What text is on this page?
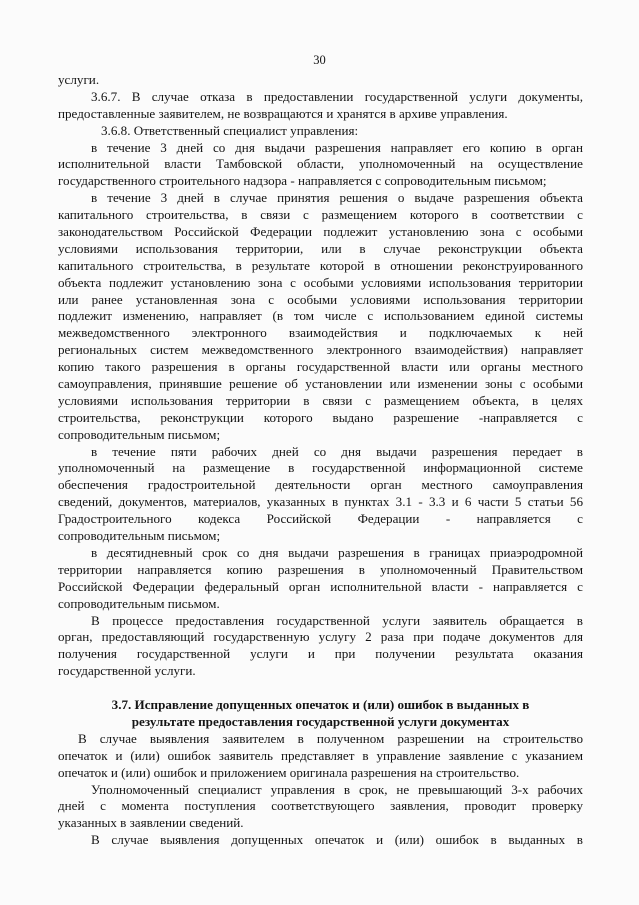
30
услуги.
3.6.7. В случае отказа в предоставлении государственной услуги документы,
предоставленные заявителем, не возвращаются и хранятся в архиве управления.
3.6.8. Ответственный специалист управления:
в течение 3 дней со дня выдачи разрешения направляет его копию в орган
исполнительной власти Тамбовской области, уполномоченный на осуществление
государственного строительного надзора - направляется с сопроводительным письмом;
в течение 3 дней в случае принятия решения о выдаче разрешения объекта
капитального строительства, в связи с размещением которого в соответствии с
законодательством Российской Федерации подлежит установлению зона с особыми
условиями использования территории, или в случае реконструкции объекта
капитального строительства, в результате которой в отношении реконструированного
объекта подлежит установлению зона с особыми условиями использования территории
или ранее установленная зона с особыми условиями использования территории
подлежит изменению, направляет (в том числе с использованием единой системы
межведомственного электронного взаимодействия и подключаемых к ней
региональных систем межведомственного электронного взаимодействия) направляет
копию такого разрешения в органы государственной власти или органы местного
самоуправления, принявшие решение об установлении или изменении зоны с особыми
условиями использования территории в связи с размещением объекта, в целях
строительства, реконструкции которого выдано разрешение -направляется с
сопроводительным письмом;
в течение пяти рабочих дней со дня выдачи разрешения передает в
уполномоченный на размещение в государственной информационной системе
обеспечения градостроительной деятельности орган местного самоуправления
сведений, документов, материалов, указанных в пунктах 3.1 - 3.3 и 6 части 5 статьи 56
Градостроительного кодекса Российской Федерации - направляется с
сопроводительным письмом;
в десятидневный срок со дня выдачи разрешения в границах приаэродромной
территории направляется копию разрешения в уполномоченный Правительством
Российской Федерации федеральный орган исполнительной власти - направляется с
сопроводительным письмом.
В процессе предоставления государственной услуги заявитель обращается в
орган, предоставляющий государственную услугу 2 раза при подаче документов для
получения государственной услуги и при получении результата оказания
государственной услуги.
3.7. Исправление допущенных опечаток и (или) ошибок в выданных в
результате предоставления государственной услуги документах
В случае выявления заявителем в полученном разрешении на строительство
опечаток и (или) ошибок заявитель представляет в управление заявление с указанием
опечаток и (или) ошибок и приложением оригинала разрешения на строительство.
Уполномоченный специалист управления в срок, не превышающий 3-х рабочих
дней с момента поступления соответствующего заявления, проводит проверку
указанных в заявлении сведений.
В случае выявления допущенных опечаток и (или) ошибок в выданных в
